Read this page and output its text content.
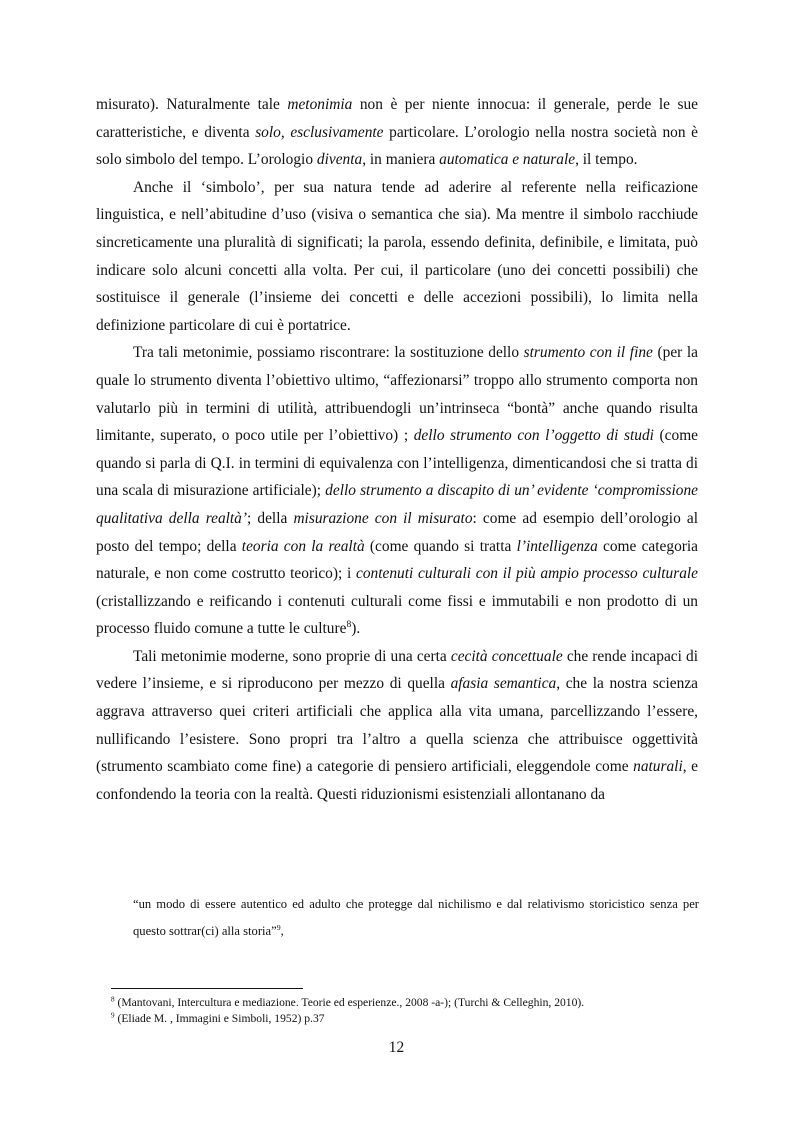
misurato). Naturalmente tale metonimia non è per niente innocua: il generale, perde le sue caratteristiche, e diventa solo, esclusivamente particolare. L’orologio nella nostra società non è solo simbolo del tempo. L’orologio diventa, in maniera automatica e naturale, il tempo.

Anche il ‘simbolo’, per sua natura tende ad aderire al referente nella reificazione linguistica, e nell’abitudine d’uso (visiva o semantica che sia). Ma mentre il simbolo racchiude sincreticamente una pluralità di significati; la parola, essendo definita, definibile, e limitata, può indicare solo alcuni concetti alla volta. Per cui, il particolare (uno dei concetti possibili) che sostituisce il generale (l’insieme dei concetti e delle accezioni possibili), lo limita nella definizione particolare di cui è portatrice.

Tra tali metonimie, possiamo riscontrare: la sostituzione dello strumento con il fine (per la quale lo strumento diventa l’obiettivo ultimo, “affezionarsi” troppo allo strumento comporta non valutarlo più in termini di utilità, attribuendogli un’intrinseca “bontà” anche quando risulta limitante, superato, o poco utile per l’obiettivo) ; dello strumento con l’oggetto di studi (come quando si parla di Q.I. in termini di equivalenza con l’intelligenza, dimenticandosi che si tratta di una scala di misurazione artificiale); dello strumento a discapito di un’ evidente ‘compromissione qualitativa della realtà’; della misurazione con il misurato: come ad esempio dell’orologio al posto del tempo; della teoria con la realtà (come quando si tratta l’intelligenza come categoria naturale, e non come costrutto teorico); i contenuti culturali con il più ampio processo culturale (cristallizzando e reificando i contenuti culturali come fissi e immutabili e non prodotto di un processo fluido comune a tutte le culture$^8$).

Tali metonimie moderne, sono proprie di una certa cecità concettuale che rende incapaci di vedere l’insieme, e si riproducono per mezzo di quella afasia semantica, che la nostra scienza aggrava attraverso quei criteri artificiali che applica alla vita umana, parcellizzando l’essere, nullificando l’esistere. Sono propri tra l’altro a quella scienza che attribuisce oggettività (strumento scambiato come fine) a categorie di pensiero artificiali, eleggendole come naturali, e confondendo la teoria con la realtà. Questi riduzionismi esistenziali allontanano da

“un modo di essere autentico ed adulto che protegge dal nichilismo e dal relativismo storicistico senza per questo sottrar(ci) alla storia”$^9$,
$^8$ (Mantovani, Intercultura e mediazione. Teorie ed esperienze., 2008 -a-); (Turchi & Celleghin, 2010).
$^9$ (Eliade M. , Immagini e Simboli, 1952) p.37
12
